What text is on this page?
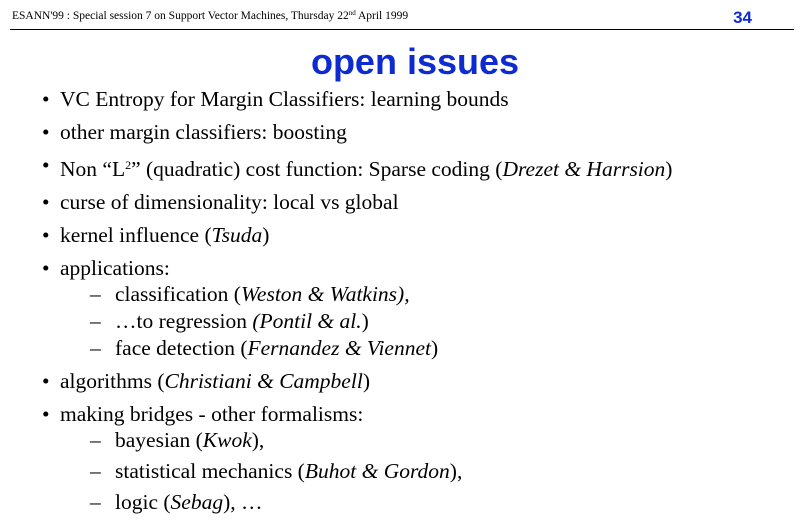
ESANN'99 : Special session 7 on Support Vector Machines, Thursday 22nd April 1999	34
open issues
• VC Entropy for Margin Classifiers: learning bounds
• other margin classifiers: boosting
• Non “$L^2$” (quadratic) cost function: Sparse coding (Drezet & Harrsion)
• curse of dimensionality: local vs global
• kernel influence (Tsuda)
• applications:
– classification (Weston & Watkins),
– …to regression (Pontil & al.)
– face detection (Fernandez & Viennet)
• algorithms (Christiani & Campbell)
• making bridges - other formalisms:
– bayesian (Kwok),
– statistical mechanics (Buhot & Gordon),
– logic (Sebag), …
